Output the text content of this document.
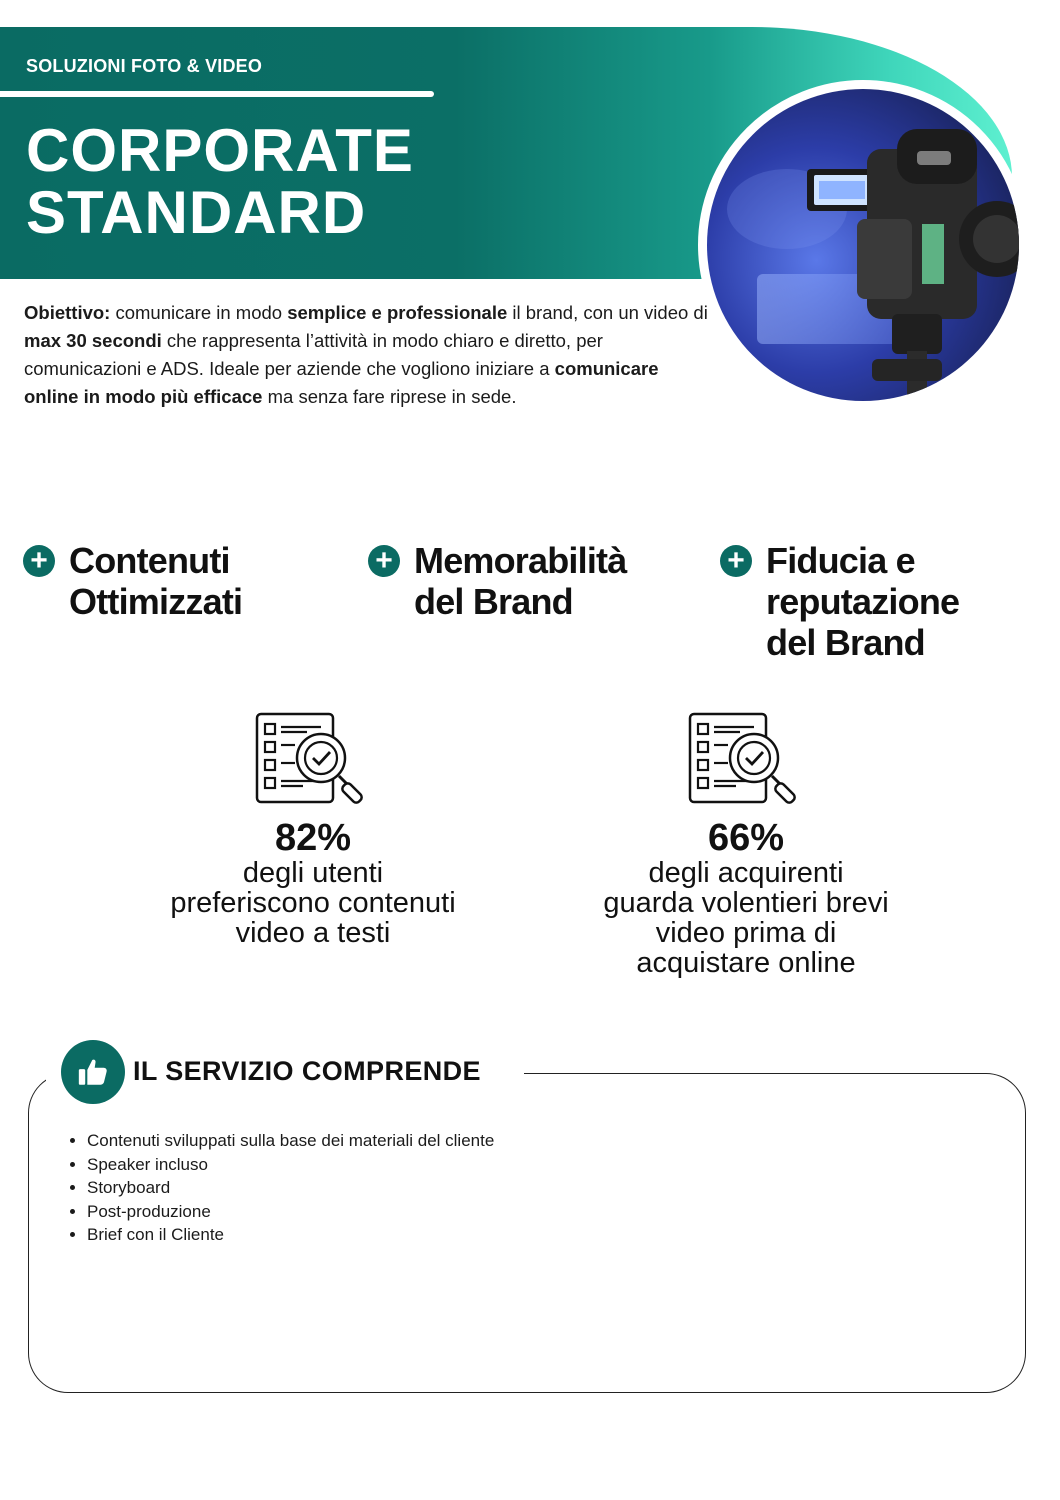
SOLUZIONI FOTO & VIDEO

CORPORATE
STANDARD

Obiettivo: comunicare in modo semplice e professionale il brand, con un video di max 30 secondi che rappresenta l’attività in modo chiaro e diretto, per comunicazioni e ADS. Ideale per aziende che vogliono iniziare a comunicare online in modo più efficace ma senza fare riprese in sede.

+ Contenuti
Ottimizzati
+ Memorabilità
del Brand
+ Fiducia e
reputazione
del Brand

82%

degli utenti
preferiscono contenuti
video a testi

66%

degli acquirenti
guarda volentieri brevi
video prima di
acquistare online

IL SERVIZIO COMPRENDE
• Contenuti sviluppati sulla base dei materiali del cliente
• Speaker incluso
• Storyboard
• Post-produzione
• Brief con il Cliente
